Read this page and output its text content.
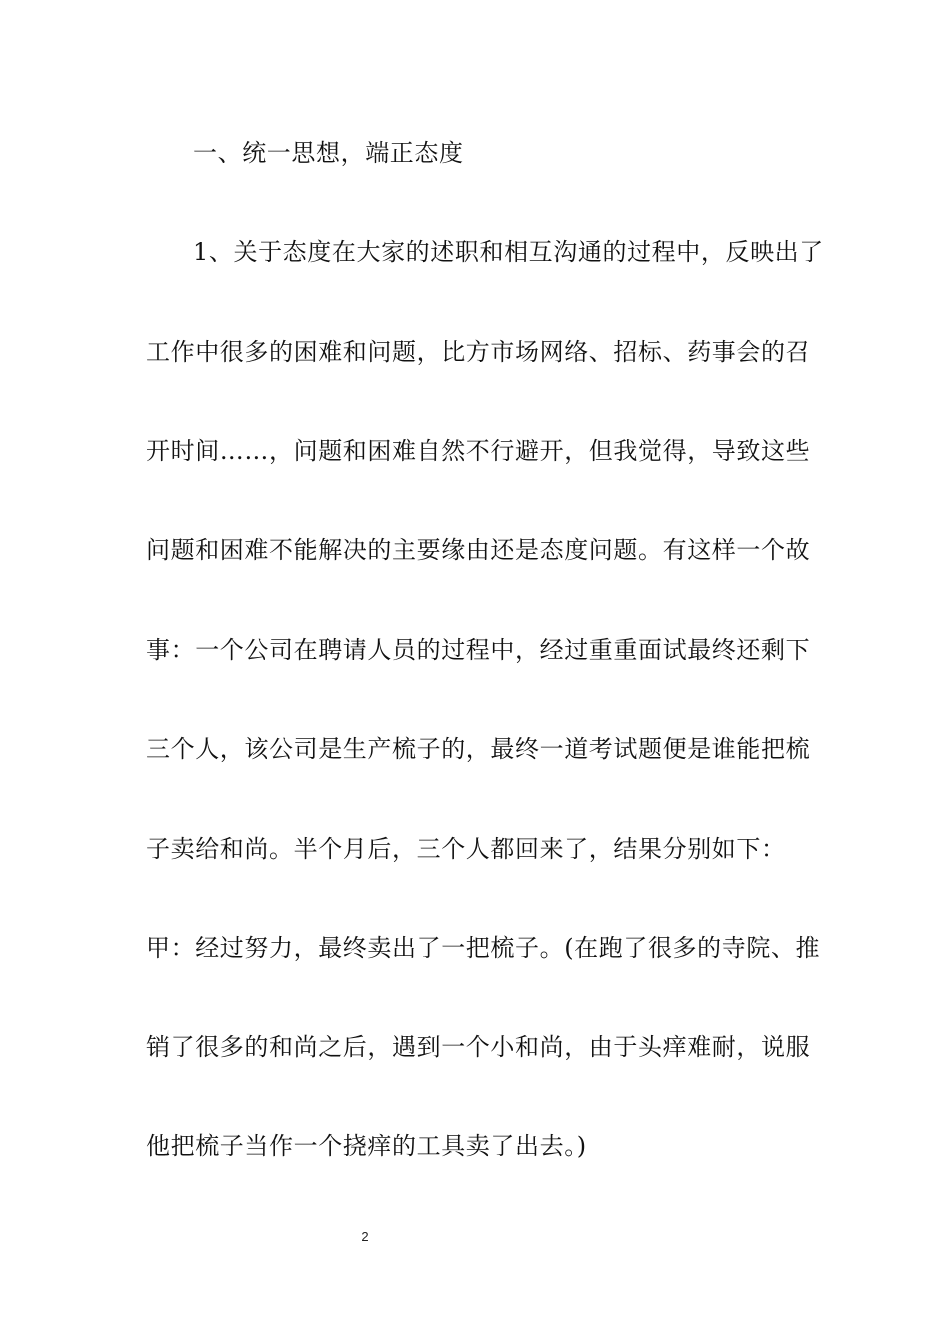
一、统一思想，端正态度
1、关于态度在大家的述职和相互沟通的过程中，反映出了
工作中很多的困难和问题，比方市场网络、招标、药事会的召
开时间……，问题和困难自然不行避开，但我觉得，导致这些
问题和困难不能解决的主要缘由还是态度问题。有这样一个故
事：一个公司在聘请人员的过程中，经过重重面试最终还剩下
三个人，该公司是生产梳子的，最终一道考试题便是谁能把梳
子卖给和尚。半个月后，三个人都回来了，结果分别如下：
甲：经过努力，最终卖出了一把梳子。(在跑了很多的寺院、推
销了很多的和尚之后，遇到一个小和尚，由于头痒难耐，说服
他把梳子当作一个挠痒的工具卖了出去。)
2
